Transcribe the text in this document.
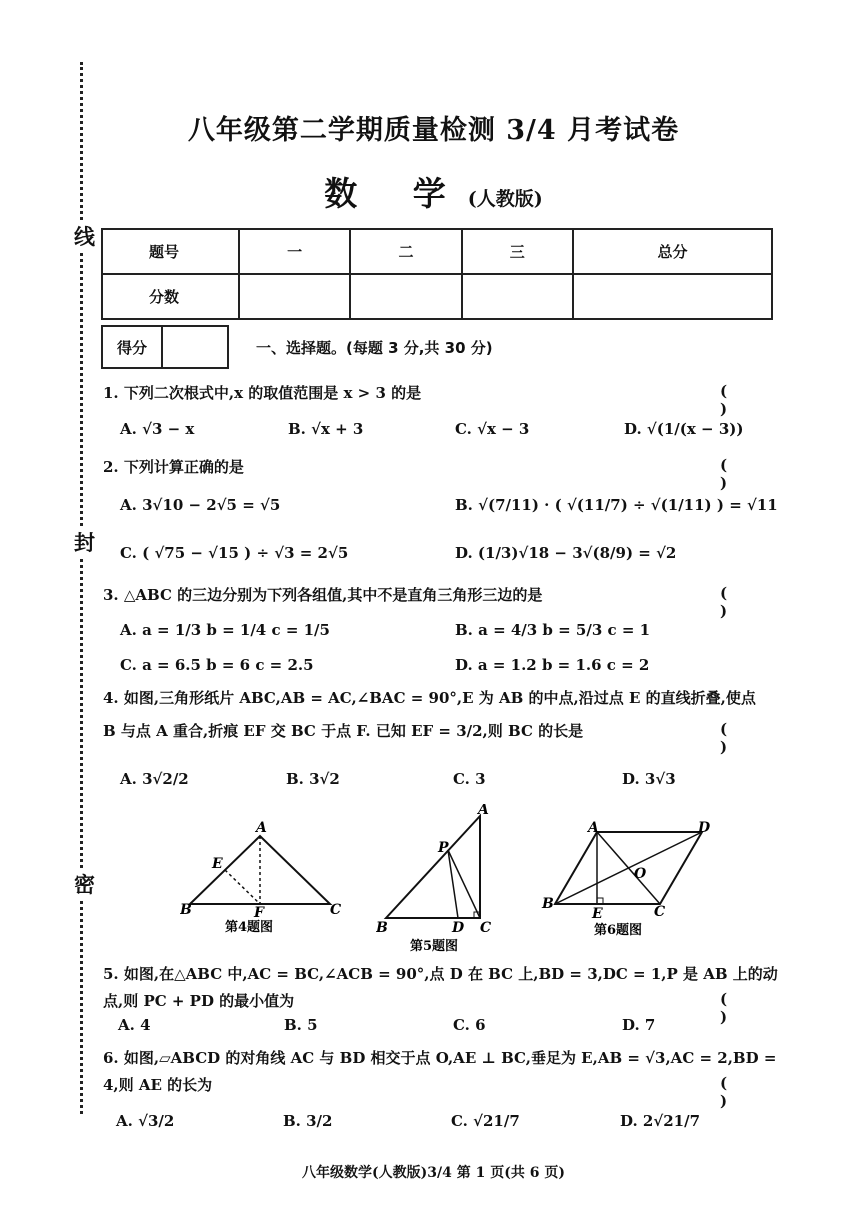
线
封
密
八年级第二学期质量检测 3/4 月考试卷
数 学(人教版)
题号	一	二	三	总分
分数				
得分	一、选择题。(每题 3 分,共 30 分)
1. 下列二次根式中,x 的取值范围是 x > 3 的是	( )
A. √3 − x	B. √x + 3	C. √x − 3	D. √(1/(x − 3))
2. 下列计算正确的是	( )
A. 3√10 − 2√5 = √5	B. √(7/11) · ( √(11/7) ÷ √(1/11) ) = √11
C. ( √75 − √15 ) ÷ √3 = 2√5	D. (1/3)√18 − 3√(8/9) = √2
3. △ABC 的三边分别为下列各组值,其中不是直角三角形三边的是	( )
A. a = 1/3 b = 1/4 c = 1/5	B. a = 4/3 b = 5/3 c = 1
C. a = 6.5 b = 6 c = 2.5	D. a = 1.2 b = 1.6 c = 2
4. 如图,三角形纸片 ABC,AB = AC,∠BAC = 90°,E 为 AB 的中点,沿过点 E 的直线折叠,使点
B 与点 A 重合,折痕 EF 交 BC 于点 F. 已知 EF = 3/2,则 BC 的长是	( )
A. 3√2/2	B. 3√2	C. 3	D. 3√3
A
E
B	F	C
第4题图
A
P
B	D C
第5题图
A	D
O
B
E	C
第6题图
5. 如图,在△ABC 中,AC = BC,∠ACB = 90°,点 D 在 BC 上,BD = 3,DC = 1,P 是 AB 上的动
点,则 PC + PD 的最小值为	( )
A. 4	B. 5	C. 6	D. 7
6. 如图,▱ABCD 的对角线 AC 与 BD 相交于点 O,AE ⊥ BC,垂足为 E,AB = √3,AC = 2,BD =
4,则 AE 的长为	( )
A. √3/2	B. 3/2	C. √21/7	D. 2√21/7
八年级数学(人教版)3/4 第 1 页(共 6 页)
